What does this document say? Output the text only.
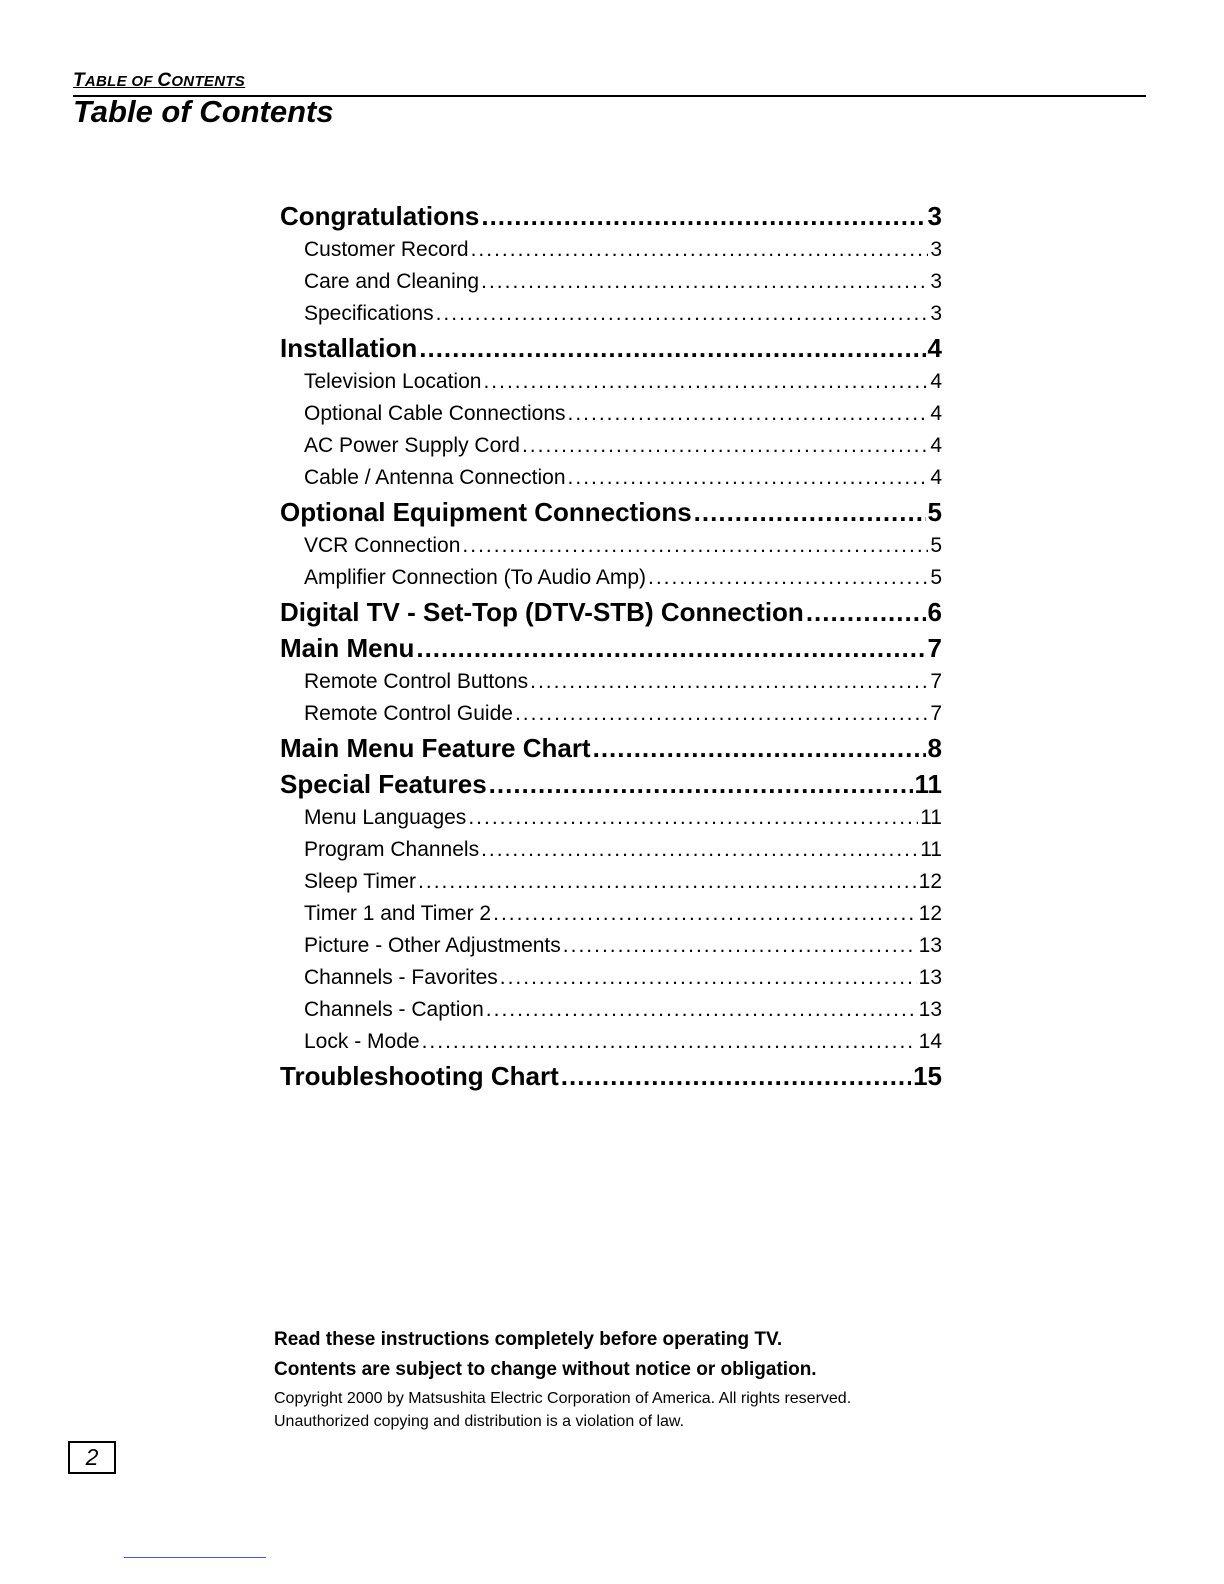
TABLE OF CONTENTS
Table of Contents
Congratulations .....	3
Customer Record .....	3
Care and Cleaning .....	3
Specifications .....	3
Installation .....	4
Television Location .....	4
Optional Cable Connections .....	4
AC Power Supply Cord .....	4
Cable / Antenna Connection .....	4
Optional Equipment Connections .....	5
VCR Connection .....	5
Amplifier Connection (To Audio Amp) .....	5
Digital TV - Set-Top (DTV-STB) Connection .....	6
Main Menu .....	7
Remote Control Buttons .....	7
Remote Control Guide .....	7
Main Menu Feature Chart .....	8
Special Features .....	11
Menu Languages .....	11
Program Channels .....	11
Sleep Timer .....	12
Timer 1 and Timer 2 .....	12
Picture - Other Adjustments .....	13
Channels - Favorites .....	13
Channels - Caption .....	13
Lock - Mode .....	14
Troubleshooting Chart .....	15
Read these instructions completely before operating TV.
Contents are subject to change without notice or obligation.
Copyright 2000 by Matsushita Electric Corporation of America. All rights reserved.
Unauthorized copying and distribution is a violation of law.
2
